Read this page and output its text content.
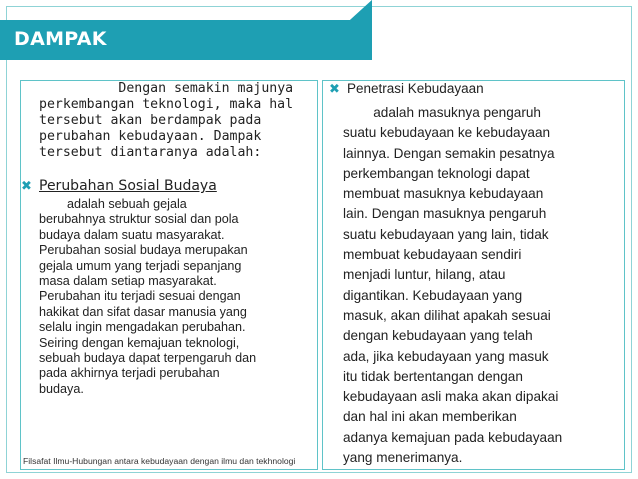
DAMPAK
Dengan semakin majunya
perkembangan teknologi, maka hal
tersebut akan berdampak pada
perubahan kebudayaan. Dampak
tersebut diantaranya adalah:
✖ Perubahan Sosial Budaya
adalah sebuah gejala
berubahnya struktur sosial dan pola
budaya dalam suatu masyarakat.
Perubahan sosial budaya merupakan
gejala umum yang terjadi sepanjang
masa dalam setiap masyarakat.
Perubahan itu terjadi sesuai dengan
hakikat dan sifat dasar manusia yang
selalu ingin mengadakan perubahan.
Seiring dengan kemajuan teknologi,
sebuah budaya dapat terpengaruh dan
pada akhirnya terjadi perubahan
budaya.
Filsafat Ilmu-Hubungan antara kebudayaan dengan ilmu dan tekhnologi
✖ Penetrasi Kebudayaan
adalah masuknya pengaruh
suatu kebudayaan ke kebudayaan
lainnya. Dengan semakin pesatnya
perkembangan teknologi dapat
membuat masuknya kebudayaan
lain. Dengan masuknya pengaruh
suatu kebudayaan yang lain, tidak
membuat kebudayaan sendiri
menjadi luntur, hilang, atau
digantikan. Kebudayaan yang
masuk, akan dilihat apakah sesuai
dengan kebudayaan yang telah
ada, jika kebudayaan yang masuk
itu tidak bertentangan dengan
kebudayaan asli maka akan dipakai
dan hal ini akan memberikan
adanya kemajuan pada kebudayaan
yang menerimanya.
